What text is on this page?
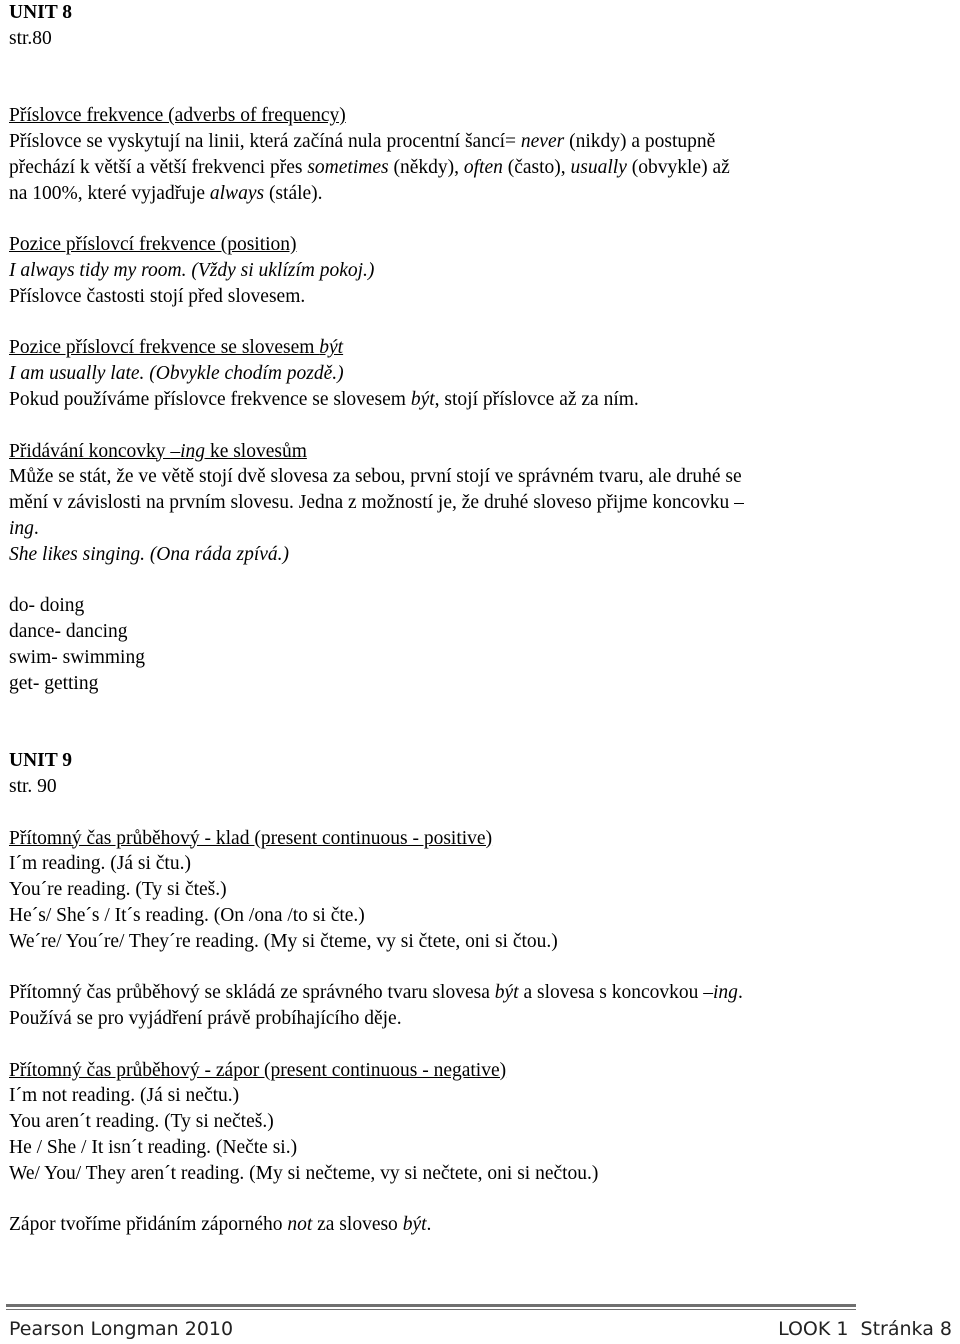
UNIT 8
str.80
Příslovce frekvence (adverbs of frequency)
Příslovce se vyskytují na linii, která začíná nula procentní šancí= never (nikdy) a postupně
přechází k větší a větší frekvenci přes sometimes (někdy), often (často), usually (obvykle) až
na 100%, které vyjadřuje always (stále).
Pozice příslovcí frekvence (position)
I always tidy my room. (Vždy si uklízím pokoj.)
Příslovce častosti stojí před slovesem.
Pozice příslovcí frekvence se slovesem být
I am usually late. (Obvykle chodím pozdě.)
Pokud používáme příslovce frekvence se slovesem být, stojí příslovce až za ním.
Přidávání koncovky –ing ke slovesům
Může se stát, že ve větě stojí dvě slovesa za sebou, první stojí ve správném tvaru, ale druhé se
mění v závislosti na prvním slovesu. Jedna z možností je, že druhé sloveso přijme koncovku –
ing.
She likes singing. (Ona ráda zpívá.)
do- doing
dance- dancing
swim- swimming
get- getting
UNIT 9
str. 90
Přítomný čas průběhový - klad (present continuous - positive)
I´m reading. (Já si čtu.)
You´re reading. (Ty si čteš.)
He´s/ She´s / It´s reading. (On /ona /to si čte.)
We´re/ You´re/ They´re reading. (My si čteme, vy si čtete, oni si čtou.)
Přítomný čas průběhový se skládá ze správného tvaru slovesa být a slovesa s koncovkou –ing.
Používá se pro vyjádření právě probíhajícího děje.
Přítomný čas průběhový - zápor (present continuous - negative)
I´m not reading. (Já si nečtu.)
You aren´t reading. (Ty si nečteš.)
He / She / It isn´t reading. (Nečte si.)
We/ You/ They aren´t reading. (My si nečteme, vy si nečtete, oni si nečtou.)
Zápor tvoříme přidáním záporného not za sloveso být.
Pearson Longman 2010	LOOK 1  Stránka 8
